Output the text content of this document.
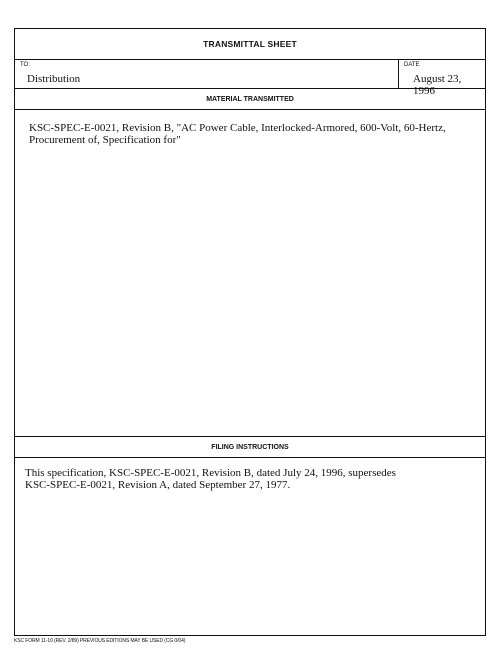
TRANSMITTAL SHEET
TO:
Distribution
DATE
August 23, 1996
MATERIAL TRANSMITTED
KSC-SPEC-E-0021, Revision B, "AC Power Cable, Interlocked-Armored, 600-Volt, 60-Hertz,
Procurement of, Specification for"
FILING INSTRUCTIONS
This specification, KSC-SPEC-E-0021, Revision B, dated July 24, 1996, supersedes
KSC-SPEC-E-0021, Revision A, dated September 27, 1977.
KSC FORM 11-10 (REV. 2/89) PREVIOUS EDITIONS MAY BE USED (CG 0/04)
